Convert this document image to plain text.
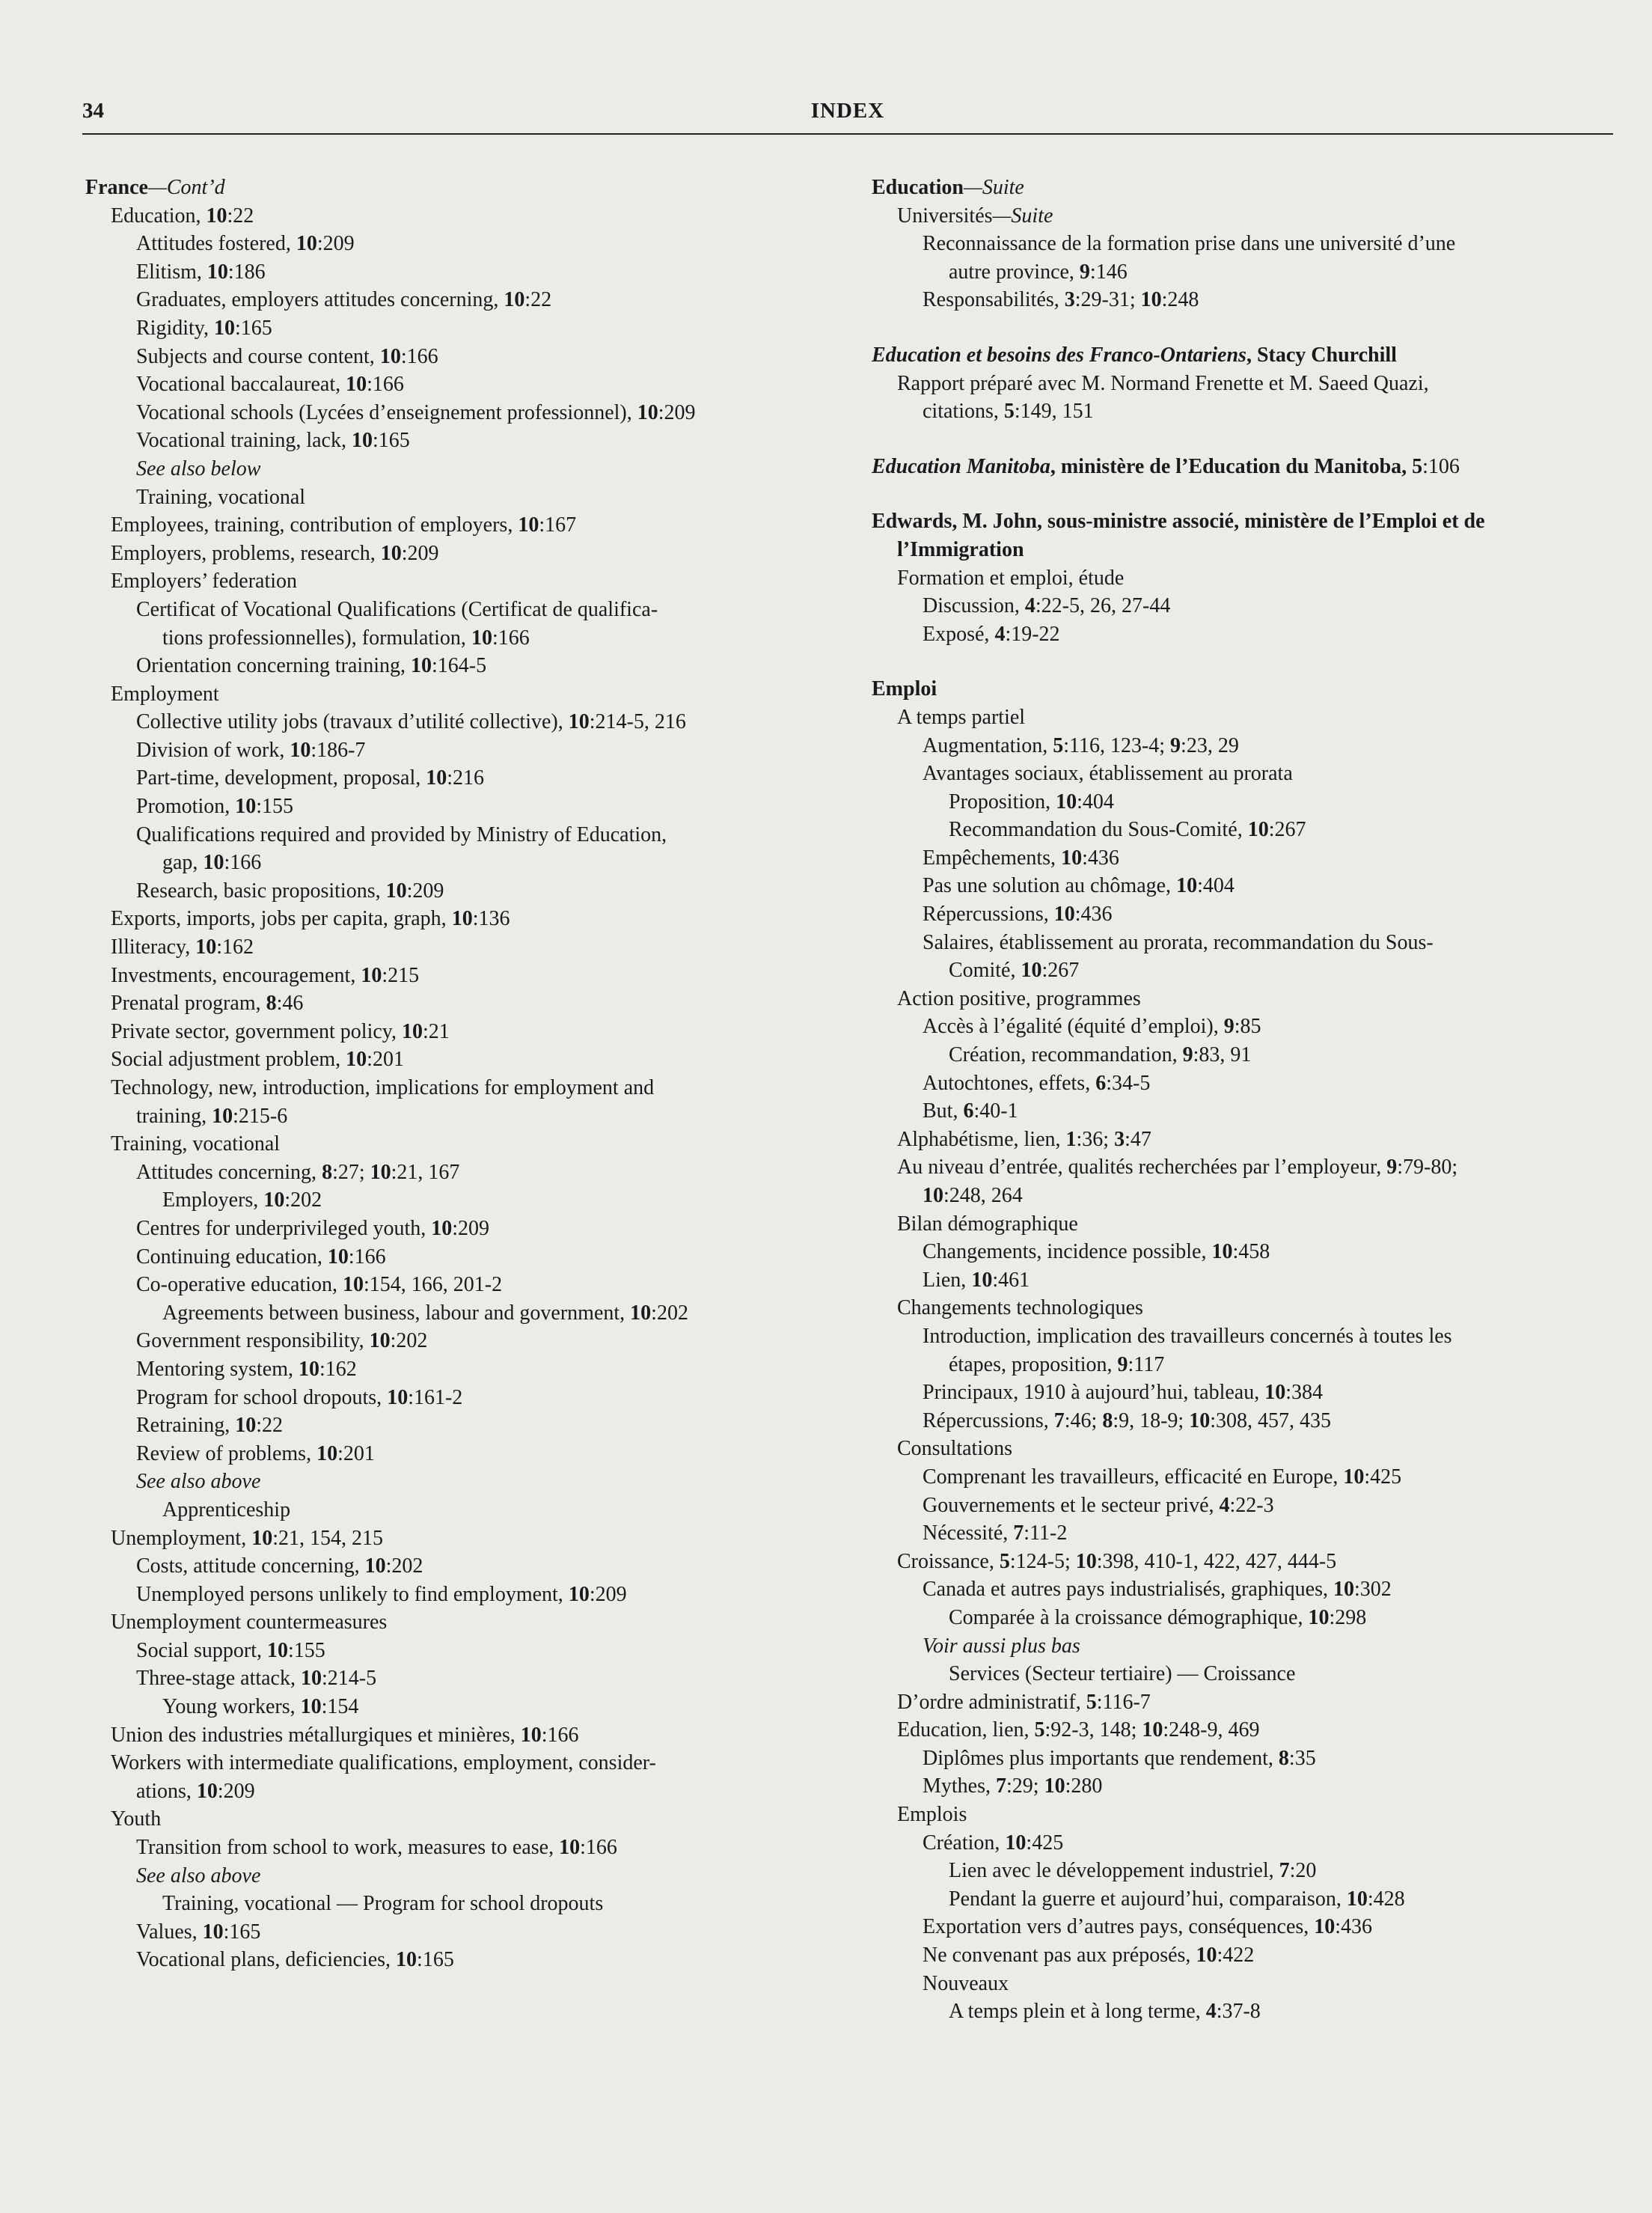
34	INDEX
France—Cont’d
Education, 10:22
Attitudes fostered, 10:209
Elitism, 10:186
Graduates, employers attitudes concerning, 10:22
Rigidity, 10:165
Subjects and course content, 10:166
Vocational baccalaureat, 10:166
Vocational schools (Lycées d’enseignement professionnel), 10:209
Vocational training, lack, 10:165
See also below
Training, vocational
Employees, training, contribution of employers, 10:167
Employers, problems, research, 10:209
Employers’ federation
Certificat of Vocational Qualifications (Certificat de qualifica-
tions professionnelles), formulation, 10:166
Orientation concerning training, 10:164-5
Employment
Collective utility jobs (travaux d’utilité collective), 10:214-5, 216
Division of work, 10:186-7
Part-time, development, proposal, 10:216
Promotion, 10:155
Qualifications required and provided by Ministry of Education,
gap, 10:166
Research, basic propositions, 10:209
Exports, imports, jobs per capita, graph, 10:136
Illiteracy, 10:162
Investments, encouragement, 10:215
Prenatal program, 8:46
Private sector, government policy, 10:21
Social adjustment problem, 10:201
Technology, new, introduction, implications for employment and
training, 10:215-6
Training, vocational
Attitudes concerning, 8:27; 10:21, 167
Employers, 10:202
Centres for underprivileged youth, 10:209
Continuing education, 10:166
Co-operative education, 10:154, 166, 201-2
Agreements between business, labour and government, 10:202
Government responsibility, 10:202
Mentoring system, 10:162
Program for school dropouts, 10:161-2
Retraining, 10:22
Review of problems, 10:201
See also above
Apprenticeship
Unemployment, 10:21, 154, 215
Costs, attitude concerning, 10:202
Unemployed persons unlikely to find employment, 10:209
Unemployment countermeasures
Social support, 10:155
Three-stage attack, 10:214-5
Young workers, 10:154
Union des industries métallurgiques et minières, 10:166
Workers with intermediate qualifications, employment, consider-
ations, 10:209
Youth
Transition from school to work, measures to ease, 10:166
See also above
Training, vocational — Program for school dropouts
Values, 10:165
Vocational plans, deficiencies, 10:165
Education—Suite
Universités—Suite
Reconnaissance de la formation prise dans une université d’une
autre province, 9:146
Responsabilités, 3:29-31; 10:248
Education et besoins des Franco-Ontariens, Stacy Churchill
Rapport préparé avec M. Normand Frenette et M. Saeed Quazi,
citations, 5:149, 151
Education Manitoba, ministère de l’Education du Manitoba, 5:106
Edwards, M. John, sous-ministre associé, ministère de l’Emploi et de
l’Immigration
Formation et emploi, étude
Discussion, 4:22-5, 26, 27-44
Exposé, 4:19-22
Emploi
A temps partiel
Augmentation, 5:116, 123-4; 9:23, 29
Avantages sociaux, établissement au prorata
Proposition, 10:404
Recommandation du Sous-Comité, 10:267
Empêchements, 10:436
Pas une solution au chômage, 10:404
Répercussions, 10:436
Salaires, établissement au prorata, recommandation du Sous-
Comité, 10:267
Action positive, programmes
Accès à l’égalité (équité d’emploi), 9:85
Création, recommandation, 9:83, 91
Autochtones, effets, 6:34-5
But, 6:40-1
Alphabétisme, lien, 1:36; 3:47
Au niveau d’entrée, qualités recherchées par l’employeur, 9:79-80;
10:248, 264
Bilan démographique
Changements, incidence possible, 10:458
Lien, 10:461
Changements technologiques
Introduction, implication des travailleurs concernés à toutes les
étapes, proposition, 9:117
Principaux, 1910 à aujourd’hui, tableau, 10:384
Répercussions, 7:46; 8:9, 18-9; 10:308, 457, 435
Consultations
Comprenant les travailleurs, efficacité en Europe, 10:425
Gouvernements et le secteur privé, 4:22-3
Nécessité, 7:11-2
Croissance, 5:124-5; 10:398, 410-1, 422, 427, 444-5
Canada et autres pays industrialisés, graphiques, 10:302
Comparée à la croissance démographique, 10:298
Voir aussi plus bas
Services (Secteur tertiaire) — Croissance
D’ordre administratif, 5:116-7
Education, lien, 5:92-3, 148; 10:248-9, 469
Diplômes plus importants que rendement, 8:35
Mythes, 7:29; 10:280
Emplois
Création, 10:425
Lien avec le développement industriel, 7:20
Pendant la guerre et aujourd’hui, comparaison, 10:428
Exportation vers d’autres pays, conséquences, 10:436
Ne convenant pas aux préposés, 10:422
Nouveaux
A temps plein et à long terme, 4:37-8
